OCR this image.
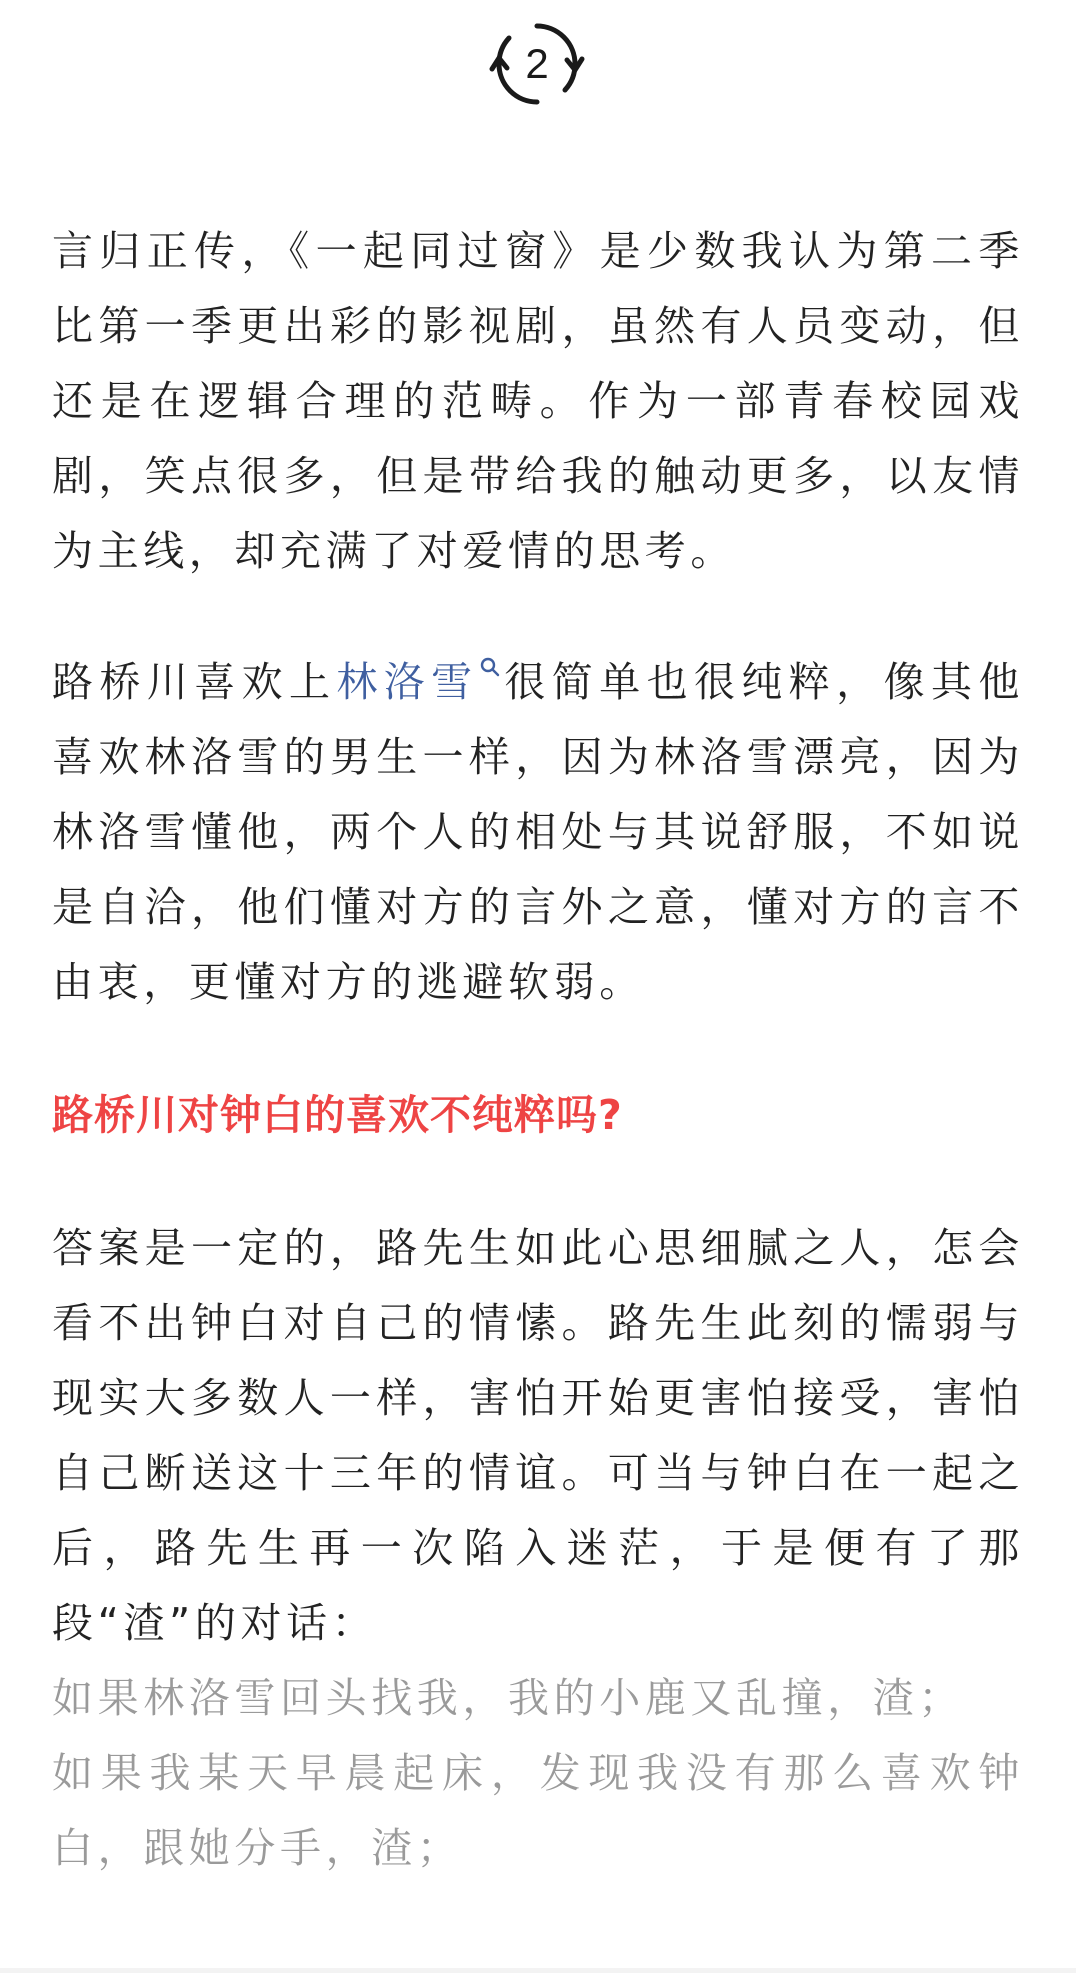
2

言归正传，《一起同过窗》是少数我认为第二季比第一季更出彩的影视剧，虽然有人员变动，但还是在逻辑合理的范畴。作为一部青春校园戏剧，笑点很多，但是带给我的触动更多，以友情为主线，却充满了对爱情的思考。

路桥川喜欢上林洛雪 很简单也很纯粹，像其他喜欢林洛雪的男生一样，因为林洛雪漂亮，因为林洛雪懂他，两个人的相处与其说舒服，不如说是自洽，他们懂对方的言外之意，懂对方的言不由衷，更懂对方的逃避软弱。

路桥川对钟白的喜欢不纯粹吗?

答案是一定的，路先生如此心思细腻之人，怎会看不出钟白对自己的情愫。路先生此刻的懦弱与现实大多数人一样，害怕开始更害怕接受，害怕自己断送这十三年的情谊。可当与钟白在一起之后，路先生再一次陷入迷茫，于是便有了那段“渣”的对话：

如果林洛雪回头找我，我的小鹿又乱撞，渣；

如果我某天早晨起床，发现我没有那么喜欢钟白，跟她分手，渣；
